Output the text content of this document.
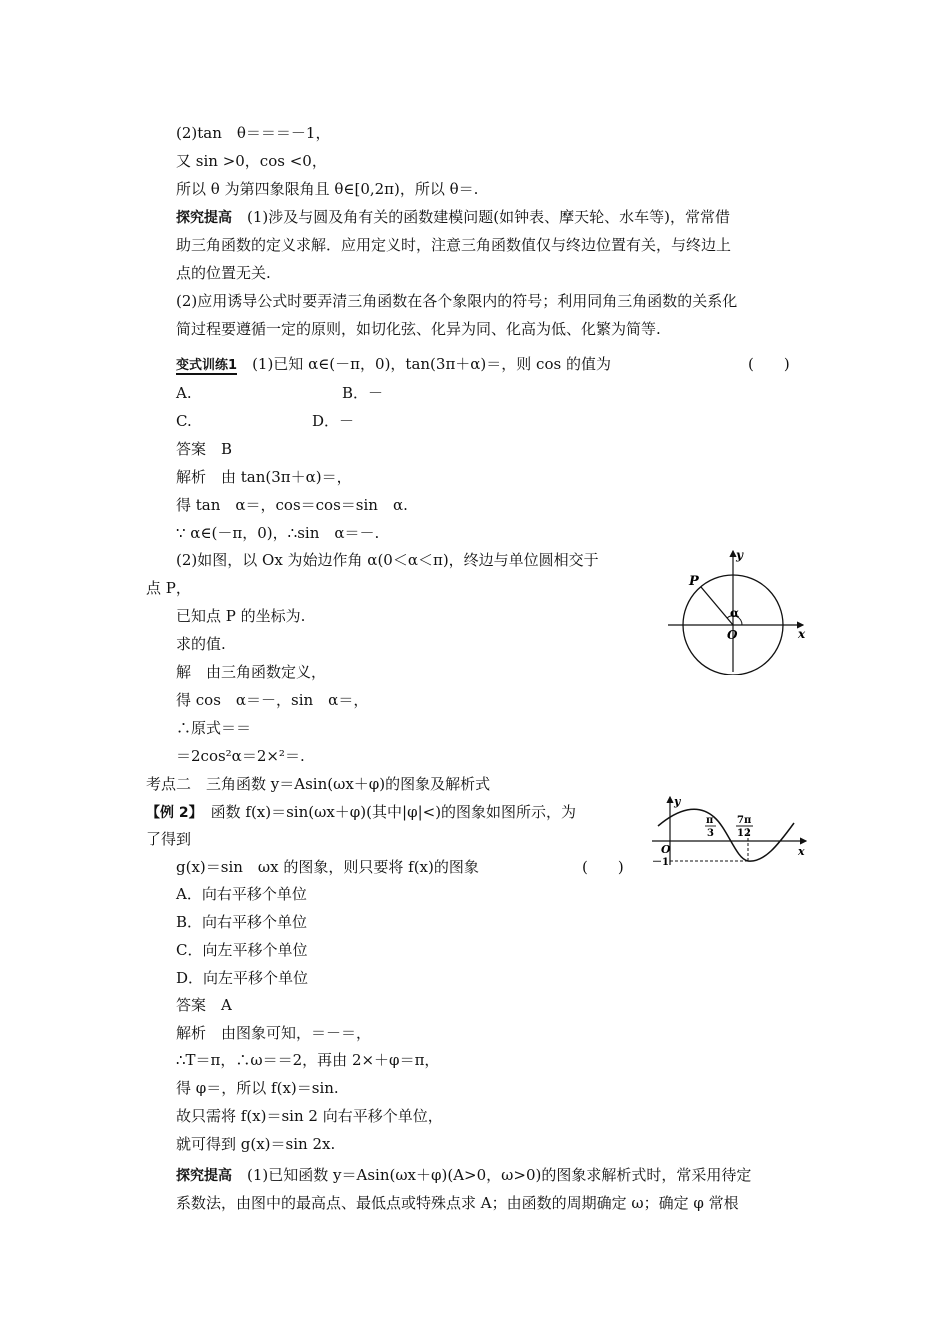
(2)tan　θ＝＝＝－1，
又 sin >0，cos <0，
所以 θ 为第四象限角且 θ∈[0,2π)，所以 θ＝.
探究提高　(1)涉及与圆及角有关的函数建模问题(如钟表、摩天轮、水车等)，常常借
助三角函数的定义求解．应用定义时，注意三角函数值仅与终边位置有关，与终边上
点的位置无关.
(2)应用诱导公式时要弄清三角函数在各个象限内的符号；利用同角三角函数的关系化
简过程要遵循一定的原则，如切化弦、化异为同、化高为低、化繁为简等.
变式训练1　 (1)已知 α∈(－π，0)，tan(3π＋α)＝，则 cos 的值为	(　　)
A.	B．－
C.	D．－
答案　B
解析　由 tan(3π＋α)＝，
得 tan　α＝，cos＝cos＝sin　α.
∵ α∈(－π，0)，∴sin　α＝－.
(2)如图，以 Ox 为始边作角 α(0＜α＜π)，终边与单位圆相交于
点 P，
已知点 P 的坐标为.
求的值.
解　由三角函数定义，
得 cos　α＝－，sin　α＝，
∴原式＝＝
＝2cos²α＝2×²＝.
考点二　三角函数 y＝Asin(ωx＋φ)的图象及解析式
【例 2】　函数 f(x)＝sin(ωx＋φ)(其中|φ|<)的图象如图所示，为
了得到
g(x)＝sin　ωx 的图象，则只要将 f(x)的图象	(　　)
A．向右平移个单位
B．向右平移个单位
C．向左平移个单位
D．向左平移个单位
答案　A
解析　由图象可知，＝－＝，
∴T＝π，∴ω＝＝2，再由 2×＋φ＝π，
得 φ＝，所以 f(x)＝sin.
故只需将 f(x)＝sin 2 向右平移个单位，
就可得到 g(x)＝sin 2x.
探究提高　(1)已知函数 y＝Asin(ωx＋φ)(A>0，ω>0)的图象求解析式时，常采用待定
系数法，由图中的最高点、最低点或特殊点求 A；由函数的周期确定 ω；确定 φ 常根
y
x
P
α
O
y
x
O
－1
π
3
7π
12
